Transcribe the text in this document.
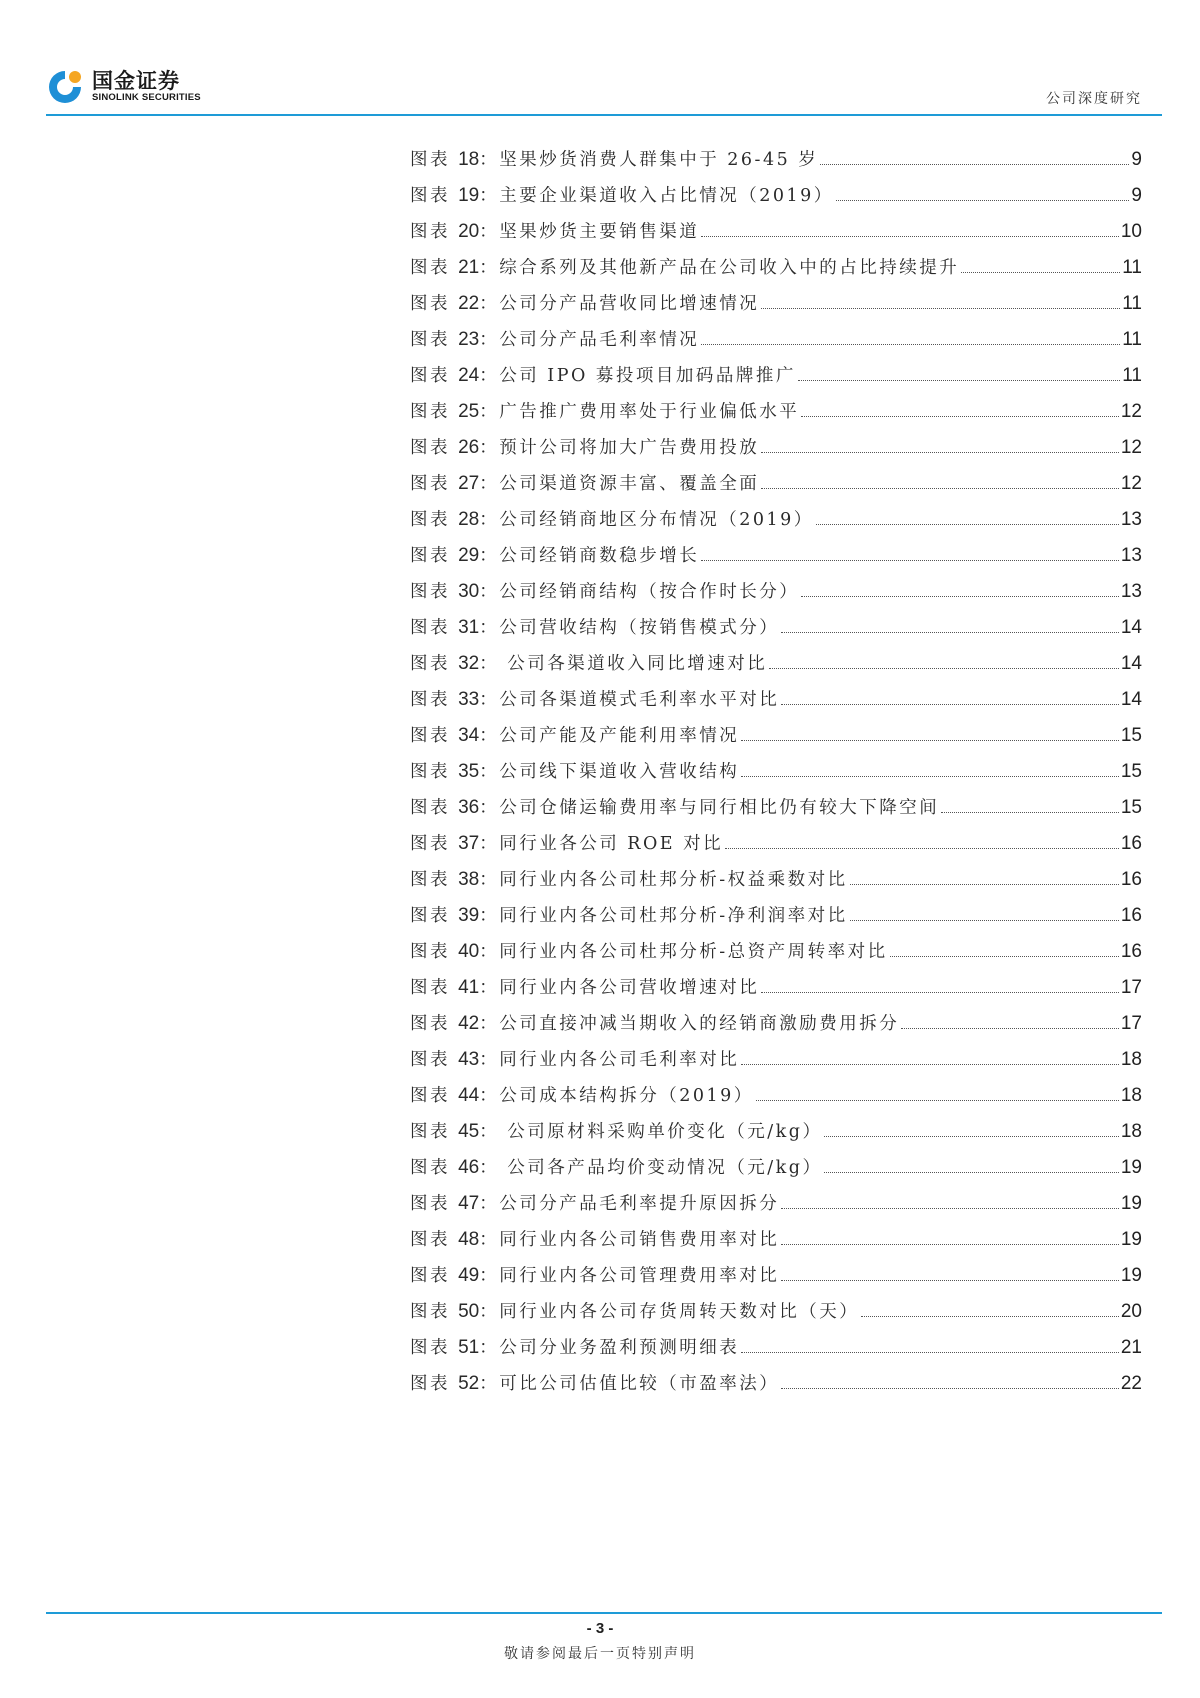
国金证券
SINOLINK SECURITIES	公司深度研究
图表 18：坚果炒货消费人群集中于 26-45 岁	9
图表 19：主要企业渠道收入占比情况（2019）	9
图表 20：坚果炒货主要销售渠道	10
图表 21：综合系列及其他新产品在公司收入中的占比持续提升	11
图表 22：公司分产品营收同比增速情况	11
图表 23：公司分产品毛利率情况	11
图表 24：公司 IPO 募投项目加码品牌推广	11
图表 25：广告推广费用率处于行业偏低水平	12
图表 26：预计公司将加大广告费用投放	12
图表 27：公司渠道资源丰富、覆盖全面	12
图表 28：公司经销商地区分布情况（2019）	13
图表 29：公司经销商数稳步增长	13
图表 30：公司经销商结构（按合作时长分）	13
图表 31：公司营收结构（按销售模式分）	14
图表 32： 公司各渠道收入同比增速对比	14
图表 33：公司各渠道模式毛利率水平对比	14
图表 34：公司产能及产能利用率情况	15
图表 35：公司线下渠道收入营收结构	15
图表 36：公司仓储运输费用率与同行相比仍有较大下降空间	15
图表 37：同行业各公司 ROE 对比	16
图表 38：同行业内各公司杜邦分析-权益乘数对比	16
图表 39：同行业内各公司杜邦分析-净利润率对比	16
图表 40：同行业内各公司杜邦分析-总资产周转率对比	16
图表 41：同行业内各公司营收增速对比	17
图表 42：公司直接冲减当期收入的经销商激励费用拆分	17
图表 43：同行业内各公司毛利率对比	18
图表 44：公司成本结构拆分（2019）	18
图表 45： 公司原材料采购单价变化（元/kg）	18
图表 46： 公司各产品均价变动情况（元/kg）	19
图表 47：公司分产品毛利率提升原因拆分	19
图表 48：同行业内各公司销售费用率对比	19
图表 49：同行业内各公司管理费用率对比	19
图表 50：同行业内各公司存货周转天数对比（天）	20
图表 51：公司分业务盈利预测明细表	21
图表 52：可比公司估值比较（市盈率法）	22
- 3 -
敬请参阅最后一页特别声明
